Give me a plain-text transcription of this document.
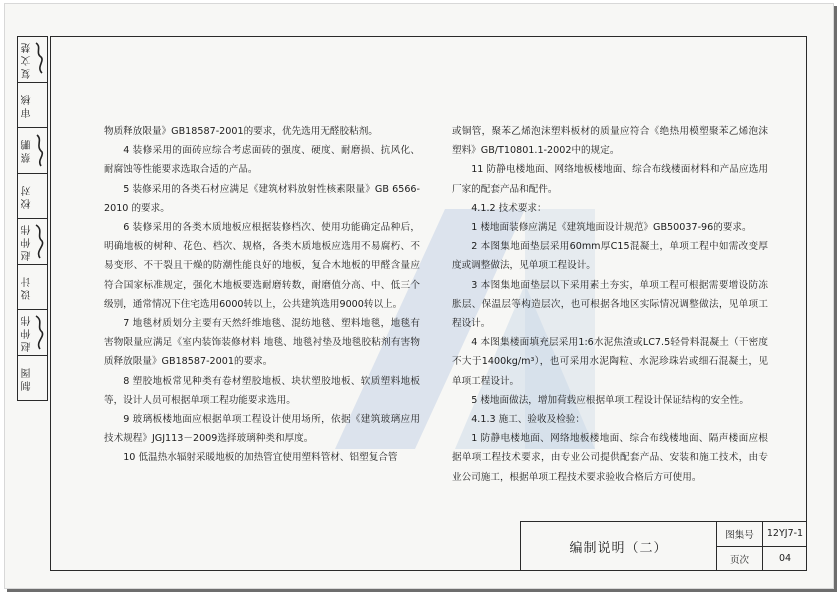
复文楚
审核
蔡鹏
校对
赵仲伟
设计
赵仲伟
制图

物质释放限量》GB18587-2001的要求，优先选用无醛胶粘剂。

4 装修采用的面砖应综合考虑面砖的强度、硬度、耐磨损、抗风化、耐腐蚀等性能要求选取合适的产品。

5 装修采用的各类石材应满足《建筑材料放射性核素限量》GB 6566-2010 的要求。

6 装修采用的各类木质地板应根据装修档次、使用功能确定品种后，明确地板的树种、花色、档次、规格，各类木质地板应选用不易腐朽、不易变形、不干裂且干燥的防潮性能良好的地板，复合木地板的甲醛含量应符合国家标准规定，强化木地板要选耐磨转数，耐磨值分高、中、低三个级别，通常情况下住宅选用6000转以上，公共建筑选用9000转以上。

7 地毯材质划分主要有天然纤维地毯、混纺地毯、塑料地毯，地毯有害物限量应满足《室内装饰装修材料 地毯、地毯衬垫及地毯胶粘剂有害物质释放限量》GB18587-2001的要求。

8 塑胶地板常见种类有卷材塑胶地板、块状塑胶地板、软质塑料地板等，设计人员可根据单项工程功能要求选用。

9 玻璃板楼地面应根据单项工程设计使用场所，依据《建筑玻璃应用技术规程》JGJ113－2009选择玻璃种类和厚度。

10 低温热水辐射采暖地板的加热管宜使用塑料管材、铝塑复合管

或铜管，聚苯乙烯泡沫塑料板材的质量应符合《绝热用模塑聚苯乙烯泡沫塑料》GB/T10801.1-2002中的规定。

11 防静电楼地面、网络地板楼地面、综合布线楼面材料和产品应选用厂家的配套产品和配件。

4.1.2 技术要求：

1 楼地面装修应满足《建筑地面设计规范》GB50037-96的要求。

2 本图集地面垫层采用60mm厚C15混凝土，单项工程中如需改变厚度或调整做法，见单项工程设计。

3 本图集地面垫层以下采用素土夯实，单项工程可根据需要增设防冻胀层、保温层等构造层次，也可根据各地区实际情况调整做法，见单项工程设计。

4 本图集楼面填充层采用1:6水泥焦渣或LC7.5轻骨料混凝土（干密度不大于1400kg/m³），也可采用水泥陶粒、水泥珍珠岩或细石混凝土，见单项工程设计。

5 楼地面做法，增加荷载应根据单项工程设计保证结构的安全性。

4.1.3 施工、验收及检验：

1 防静电楼地面、网络地板楼地面、综合布线楼地面、隔声楼面应根据单项工程技术要求，由专业公司提供配套产品、安装和施工技术，由专业公司施工，根据单项工程技术要求验收合格后方可使用。

编制说明（二）
图集号	12YJ7-1
页次	04
